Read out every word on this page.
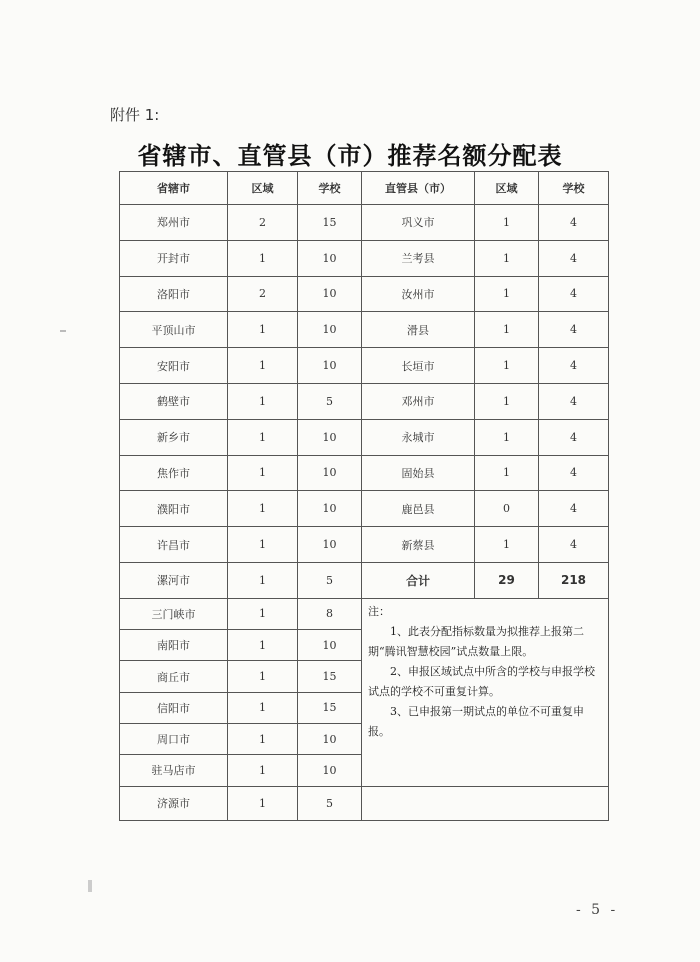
附件 1:
省辖市、直管县（市）推荐名额分配表
省辖市	区域	学校	直管县（市）	区域	学校
郑州市	2	15	巩义市	1	4
开封市	1	10	兰考县	1	4
洛阳市	2	10	汝州市	1	4
平顶山市	1	10	滑县	1	4
安阳市	1	10	长垣市	1	4
鹤壁市	1	5	邓州市	1	4
新乡市	1	10	永城市	1	4
焦作市	1	10	固始县	1	4
濮阳市	1	10	鹿邑县	0	4
许昌市	1	10	新蔡县	1	4
漯河市	1	5	合计	29	218
三门峡市	1	8	注：
1、此表分配指标数量为拟推荐上报第二期“腾讯智慧校园”试点数量上限。
2、申报区域试点中所含的学校与申报学校试点的学校不可重复计算。
3、已申报第一期试点的单位不可重复申报。		

南阳市	1	10			
商丘市	1	15			
信阳市	1	15			
周口市	1	10			
驻马店市	1	10			
济源市	1	5			
- 5 -
